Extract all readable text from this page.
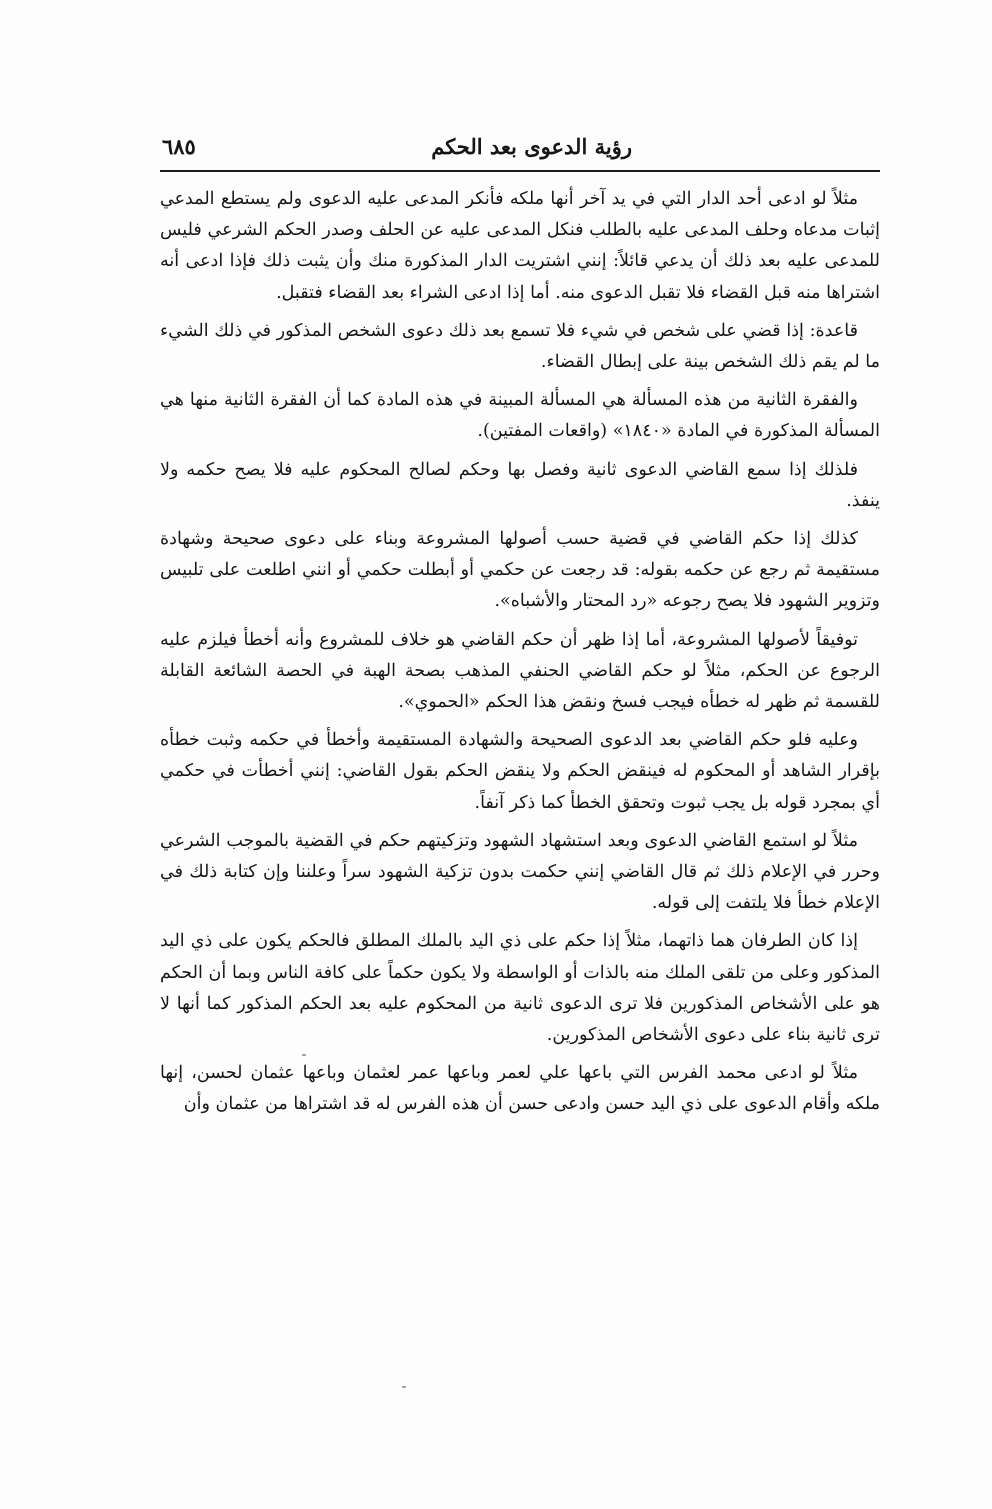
رؤية الدعوى بعد الحكم
٦٨٥

مثلاً لو ادعى أحد الدار التي في يد آخر أنها ملكه فأنكر المدعى عليه الدعوى ولم يستطع المدعي إثبات مدعاه وحلف المدعى عليه بالطلب فنكل المدعى عليه عن الحلف وصدر الحكم الشرعي فليس للمدعى عليه بعد ذلك أن يدعي قائلاً: إنني اشتريت الدار المذكورة منك وأن يثبت ذلك فإذا ادعى أنه اشتراها منه قبل القضاء فلا تقبل الدعوى منه. أما إذا ادعى الشراء بعد القضاء فتقبل.

قاعدة: إذا قضي على شخص في شيء فلا تسمع بعد ذلك دعوى الشخص المذكور في ذلك الشيء ما لم يقم ذلك الشخص بينة على إبطال القضاء.

والفقرة الثانية من هذه المسألة هي المسألة المبينة في هذه المادة كما أن الفقرة الثانية منها هي المسألة المذكورة في المادة «١٨٤٠» (واقعات المفتين).

فلذلك إذا سمع القاضي الدعوى ثانية وفصل بها وحكم لصالح المحكوم عليه فلا يصح حكمه ولا ينفذ.

كذلك إذا حكم القاضي في قضية حسب أصولها المشروعة وبناء على دعوى صحيحة وشهادة مستقيمة ثم رجع عن حكمه بقوله: قد رجعت عن حكمي أو أبطلت حكمي أو انني اطلعت على تلبيس وتزوير الشهود فلا يصح رجوعه «رد المحتار والأشباه».

توفيقاً لأصولها المشروعة، أما إذا ظهر أن حكم القاضي هو خلاف للمشروع وأنه أخطأ فيلزم عليه الرجوع عن الحكم، مثلاً لو حكم القاضي الحنفي المذهب بصحة الهبة في الحصة الشائعة القابلة للقسمة ثم ظهر له خطأه فيجب فسخ ونقض هذا الحكم «الحموي».

وعليه فلو حكم القاضي بعد الدعوى الصحيحة والشهادة المستقيمة وأخطأ في حكمه وثبت خطأه بإقرار الشاهد أو المحكوم له فينقض الحكم ولا ينقض الحكم بقول القاضي: إنني أخطأت في حكمي أي بمجرد قوله بل يجب ثبوت وتحقق الخطأ كما ذكر آنفاً.

مثلاً لو استمع القاضي الدعوى وبعد استشهاد الشهود وتزكيتهم حكم في القضية بالموجب الشرعي وحرر في الإعلام ذلك ثم قال القاضي إنني حكمت بدون تزكية الشهود سراً وعلننا وإن كتابة ذلك في الإعلام خطأ فلا يلتفت إلى قوله.

إذا كان الطرفان هما ذاتهما، مثلاً إذا حكم على ذي اليد بالملك المطلق فالحكم يكون على ذي اليد المذكور وعلى من تلقى الملك منه بالذات أو الواسطة ولا يكون حكماً على كافة الناس وبما أن الحكم هو على الأشخاص المذكورين فلا ترى الدعوى ثانية من المحكوم عليه بعد الحكم المذكور كما أنها لا ترى ثانية بناء على دعوى الأشخاص المذكورين.

مثلاً لو ادعى محمد الفرس التي باعها علي لعمر وباعها عمر لعثمان وباعها عثمان لحسن، إنها ملكه وأقام الدعوى على ذي اليد حسن وادعى حسن أن هذه الفرس له قد اشتراها من عثمان وأن
